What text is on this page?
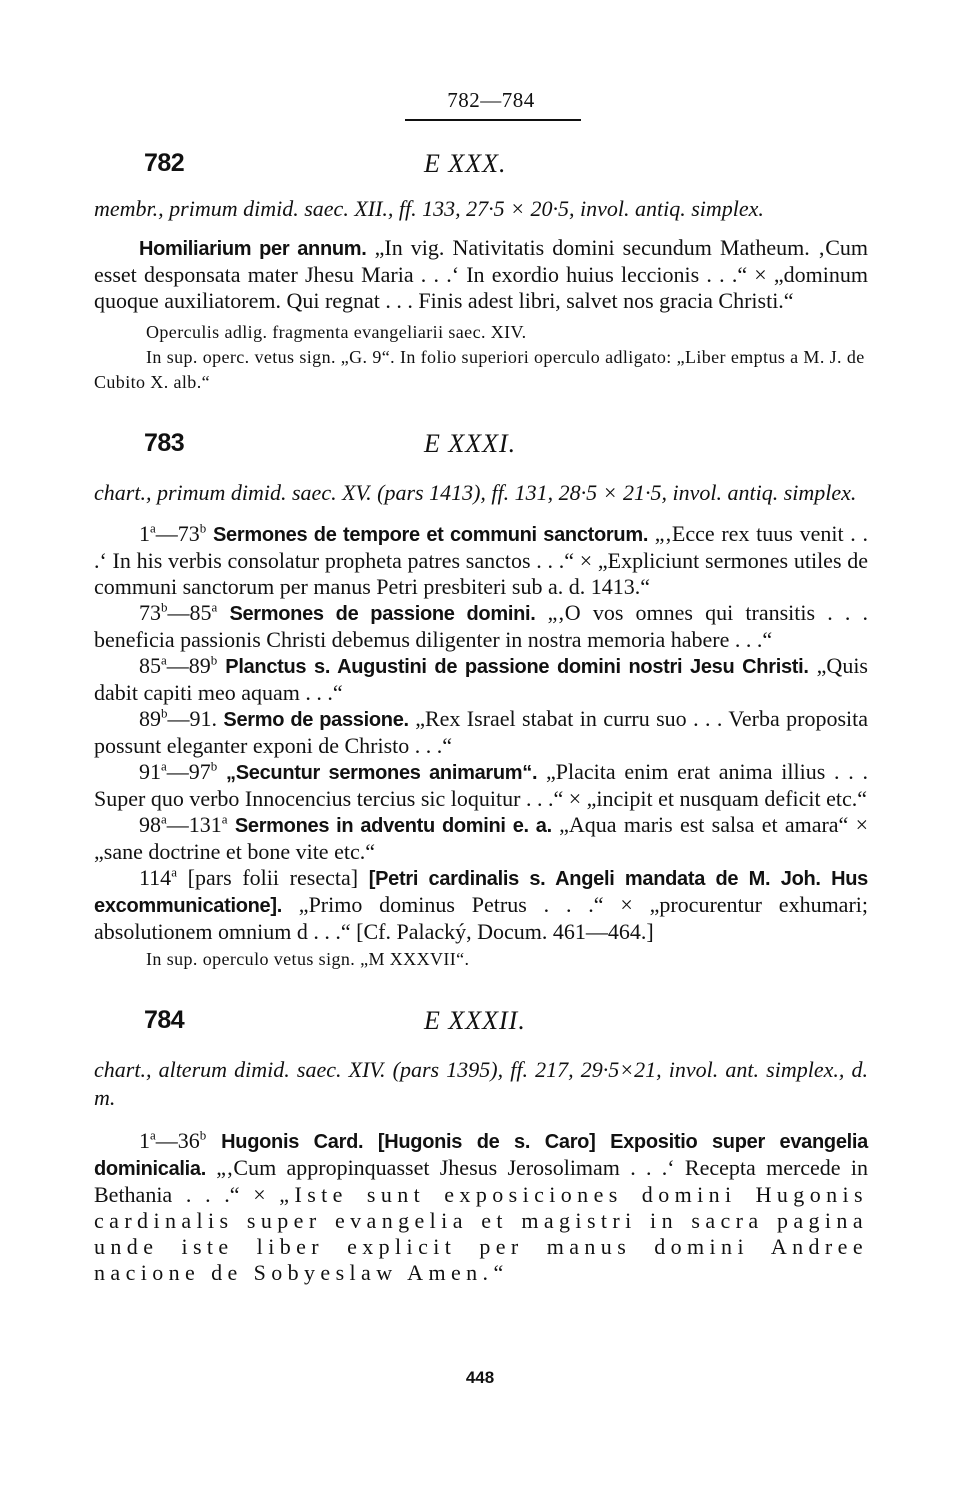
782—784

782	E XXX.

membr., primum dimid. saec. XII., ff. 133, 27·5 × 20·5, invol. antiq. simplex.

Homiliarium per annum. „In vig. Nativitatis domini secundum Matheum. ‚Cum esset desponsata mater Jhesu Maria . . .‘ In exordio huius leccionis . . .“ × „dominum quoque auxiliatorem. Qui regnat . . . Finis adest libri, salvet nos gracia Christi.“

Operculis adlig. fragmenta evangeliarii saec. XIV.

In sup. operc. vetus sign. „G. 9“. In folio superiori operculo adligato: „Liber emptus a M. J. de Cubito X. alb.“

783	E XXXI.

chart., primum dimid. saec. XV. (pars 1413), ff. 131, 28·5 × 21·5, invol. antiq. simplex.

1$^a$—73$^b$ Sermones de tempore et communi sanctorum. „‚Ecce rex tuus venit . . .‘ In his verbis consolatur propheta patres sanctos . . .“ × „Expliciunt sermones utiles de communi sanctorum per manus Petri presbiteri sub a. d. 1413.“

73$^b$—85$^a$ Sermones de passione domini. „‚O vos omnes qui transitis . . . beneficia passionis Christi debemus diligenter in nostra memoria habere . . .“

85$^a$—89$^b$ Planctus s. Augustini de passione domini nostri Jesu Christi. „Quis dabit capiti meo aquam . . .“

89$^b$—91. Sermo de passione. „Rex Israel stabat in curru suo . . . Verba proposita possunt eleganter exponi de Christo . . .“

91$^a$—97$^b$ „Secuntur sermones animarum“. „Placita enim erat anima illius . . . Super quo verbo Innocencius tercius sic loquitur . . .“ × „incipit et nusquam deficit etc.“

98$^a$—131$^a$ Sermones in adventu domini e. a. „Aqua maris est salsa et amara“ × „sane doctrine et bone vite etc.“

114$^a$ [pars folii resecta] [Petri cardinalis s. Angeli mandata de M. Joh. Hus excommunicatione]. „Primo dominus Petrus . . .“ × „procurentur exhumari; absolutionem omnium d . . .“ [Cf. Palacký, Docum. 461—464.]

In sup. operculo vetus sign. „M XXXVII“.

784	E XXXII.

chart., alterum dimid. saec. XIV. (pars 1395), ff. 217, 29·5×21, invol. ant. simplex., d. m.

1$^a$—36$^b$ Hugonis Card. [Hugonis de s. Caro] Expositio super evangelia dominicalia. „‚Cum appropinquasset Jhesus Jerosolimam . . .‘ Recepta mercede in Bethania . . .“ × „Iste sunt exposiciones domini Hugonis cardinalis super evangelia et magistri in sacra pagina unde iste liber explicit per manus domini Andree nacione de Sobyeslaw Amen.“

448
